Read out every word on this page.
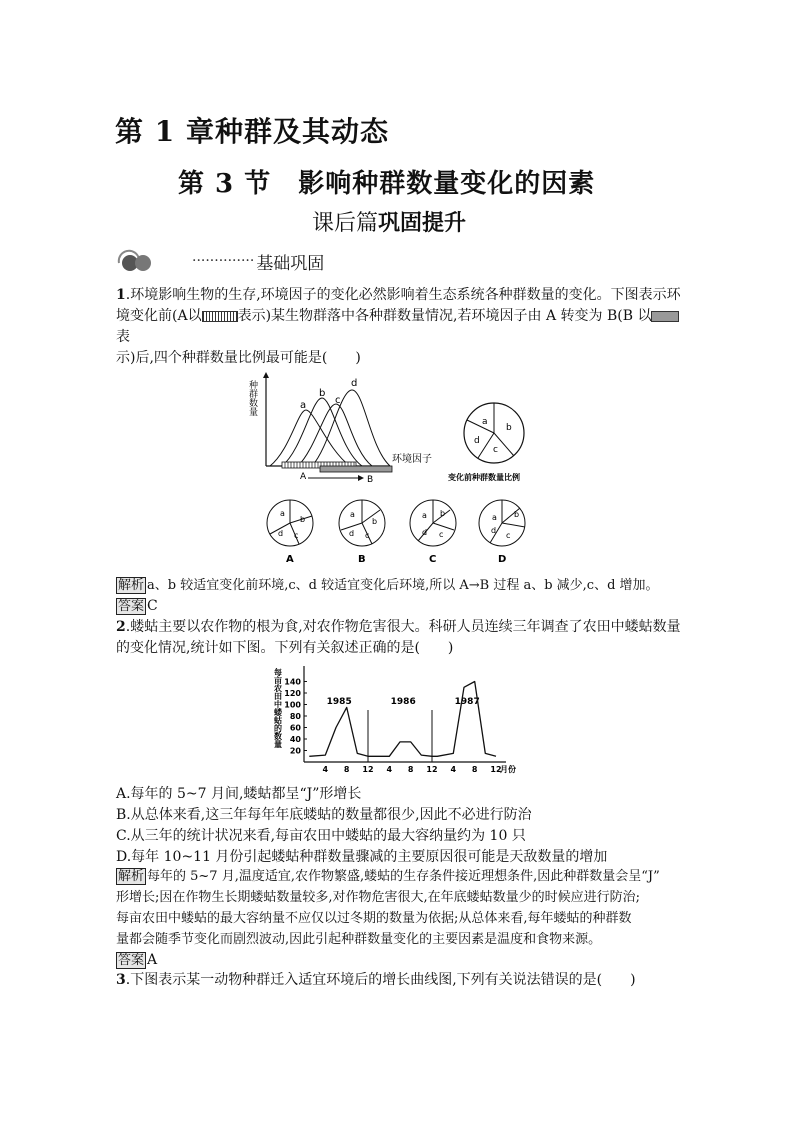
第 1 章种群及其动态
第 3 节　影响种群数量变化的因素
课后篇巩固提升
·············· 基础巩固
1.环境影响生物的生存,环境因子的变化必然影响着生态系统各种群数量的变化。下图表示环
境变化前(A以	表示)某生物群落中各种群数量情况,若环境因子由 A 转变为 B(B 以表
示)后,四个种群数量比例最可能是(　　)
种群数量	a
b
c
d
环境因子
A	B
a
b
c
d
变化前种群数量比例
a
b
c
d
a
b
c
d
a b
c
d
a b
c
d
A	B	C	D
解析 a、b 较适宜变化前环境,c、d 较适宜变化后环境,所以 A→B 过程 a、b 减少,c、d 增加。
答案 C
2.蝼蛄主要以农作物的根为食,对农作物危害很大。科研人员连续三年调查了农田中蝼蛄数量
的变化情况,统计如下图。下列有关叙述正确的是(　　)
每亩农田中蝼蛄的数量
20
40
60
80
100
120
140
4 8 12 4 8 12 4 8 12
月份
1985	1986	1987
A.每年的 5~7 月间,蝼蛄都呈“J”形增长
B.从总体来看,这三年每年年底蝼蛄的数量都很少,因此不必进行防治
C.从三年的统计状况来看,每亩农田中蝼蛄的最大容纳量约为 10 只
D.每年 10~11 月份引起蝼蛄种群数量骤减的主要原因很可能是天敌数量的增加
解析 每年的 5~7 月,温度适宜,农作物繁盛,蝼蛄的生存条件接近理想条件,因此种群数量会呈“J”
形增长;因在作物生长期蝼蛄数量较多,对作物危害很大,在年底蝼蛄数量少的时候应进行防治;
每亩农田中蝼蛄的最大容纳量不应仅以过冬期的数量为依据;从总体来看,每年蝼蛄的种群数
量都会随季节变化而剧烈波动,因此引起种群数量变化的主要因素是温度和食物来源。
答案 A
3.下图表示某一动物种群迁入适宜环境后的增长曲线图,下列有关说法错误的是(　　)
